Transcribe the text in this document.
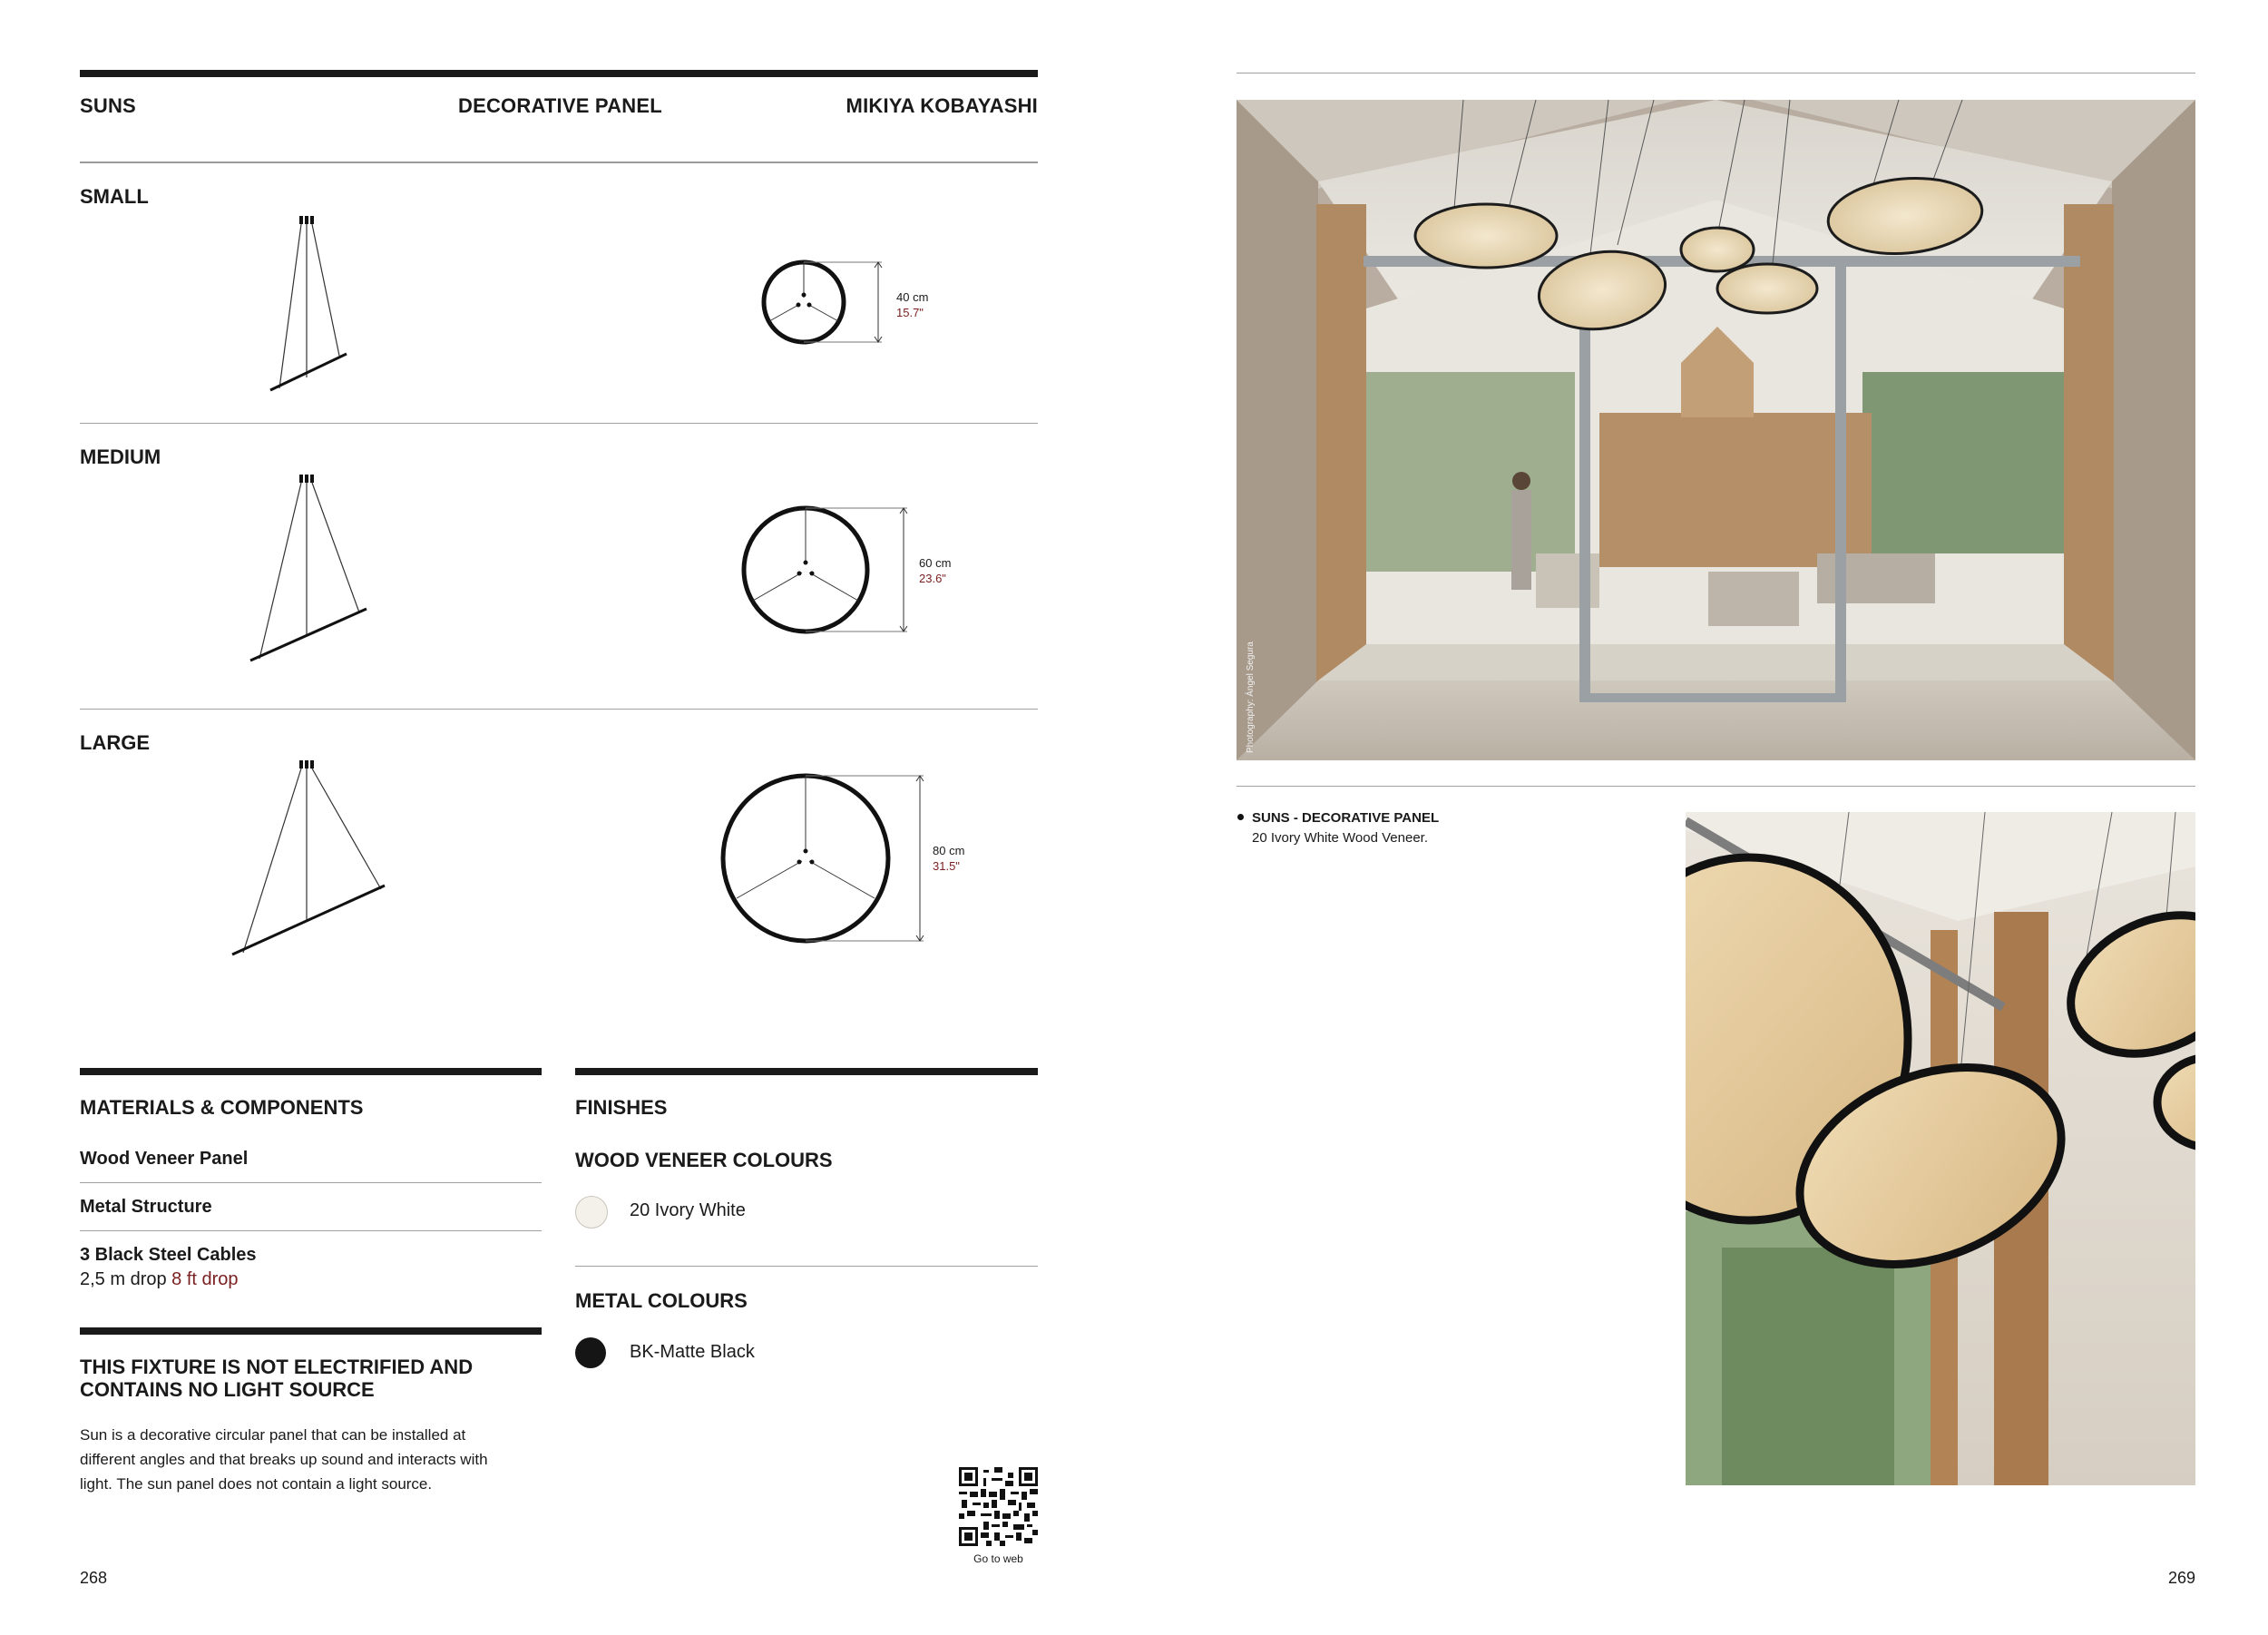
SUNS	DECORATIVE PANEL	MIKIYA KOBAYASHI
SMALL
40 cm
15.7"
MEDIUM
60 cm
23.6"
LARGE
80 cm
31.5"
MATERIALS & COMPONENTS
Wood Veneer Panel
Metal Structure
3 Black Steel Cables
2,5 m drop 8 ft drop
THIS FIXTURE IS NOT ELECTRIFIED AND
CONTAINS NO LIGHT SOURCE
Sun is a decorative circular panel that can be installed at
different angles and that breaks up sound and interacts with
light. The sun panel does not contain a light source.
FINISHES
WOOD VENEER COLOURS
20 Ivory White
METAL COLOURS
BK-Matte Black
Go to web
268
Photography: Ángel Segura
SUNS - DECORATIVE PANEL
20 Ivory White Wood Veneer.
269
